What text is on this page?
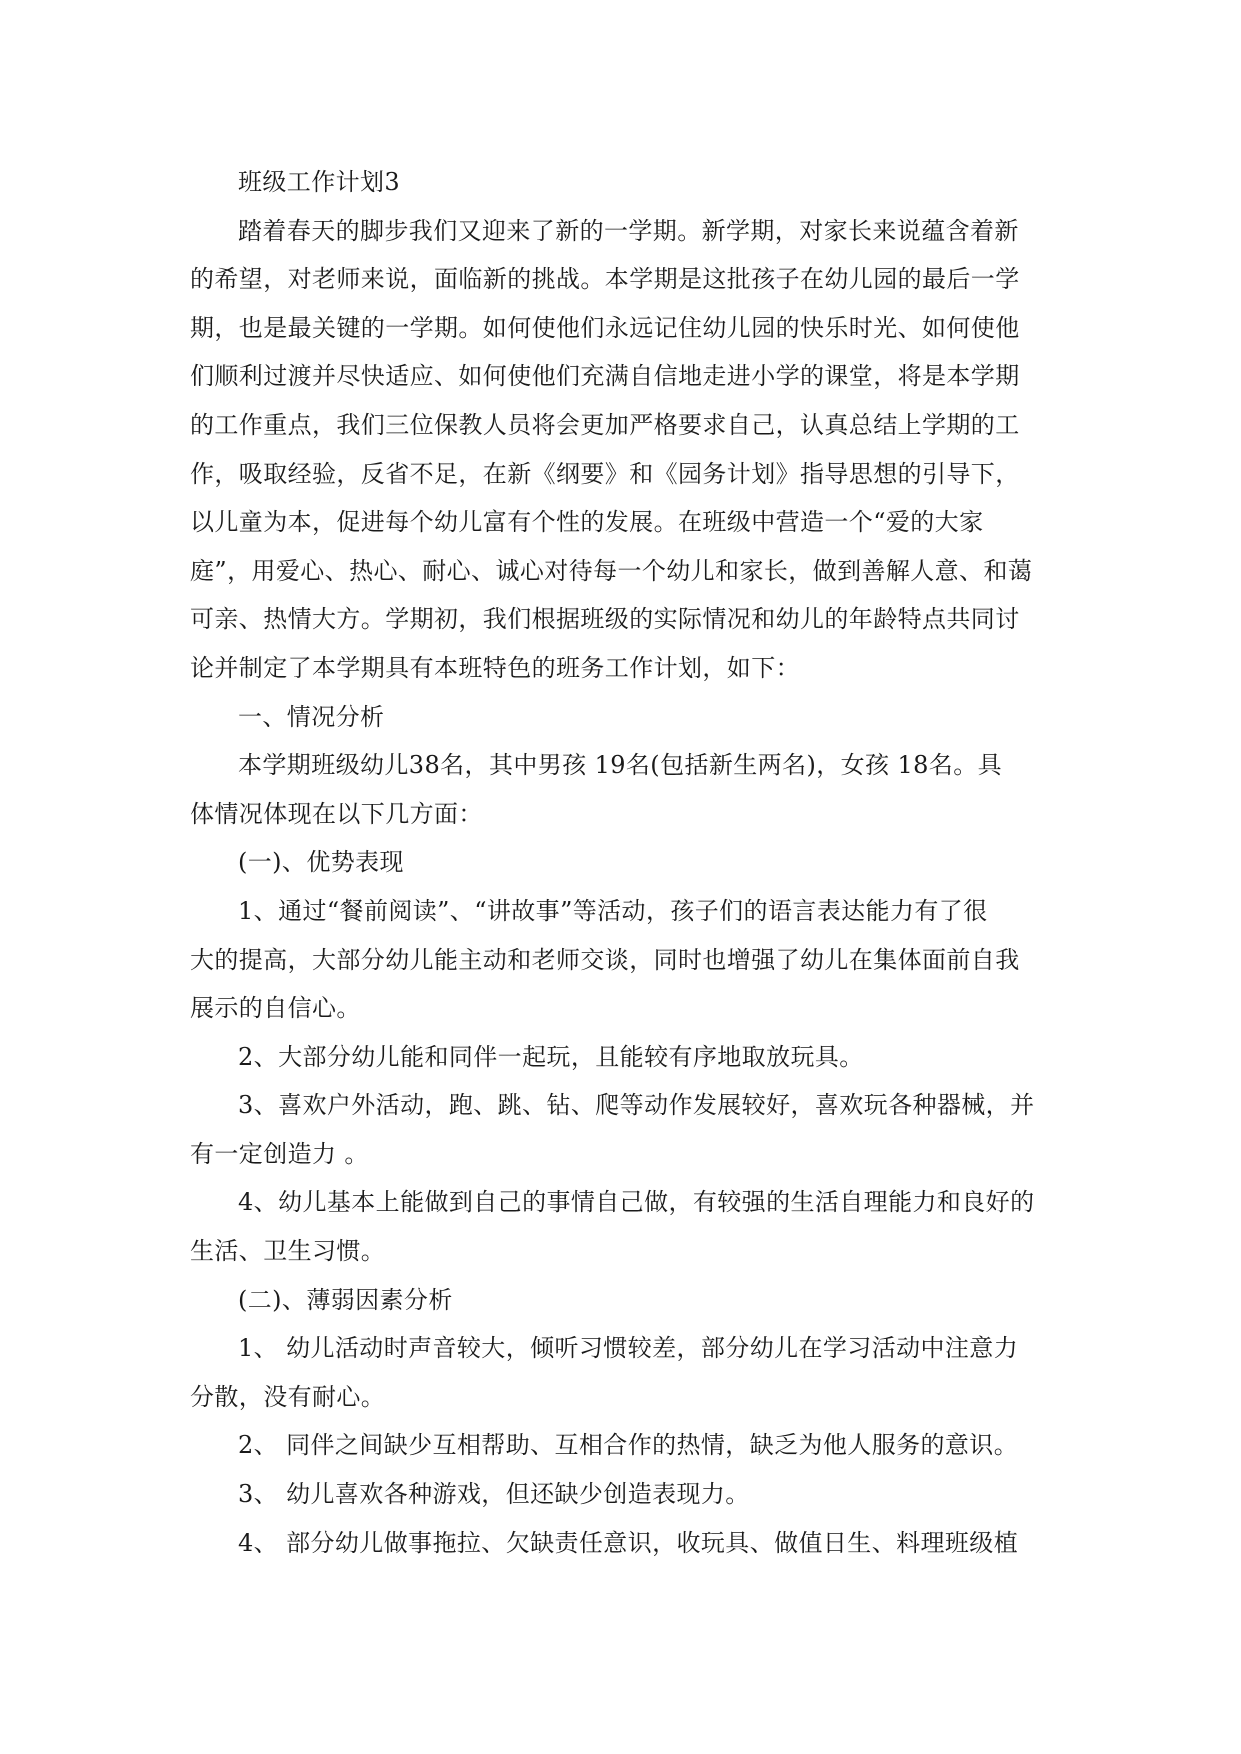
班级工作计划3
踏着春天的脚步我们又迎来了新的一学期。新学期，对家长来说蕴含着新
的希望，对老师来说，面临新的挑战。本学期是这批孩子在幼儿园的最后一学
期，也是最关键的一学期。如何使他们永远记住幼儿园的快乐时光、如何使他
们顺利过渡并尽快适应、如何使他们充满自信地走进小学的课堂，将是本学期
的工作重点，我们三位保教人员将会更加严格要求自己，认真总结上学期的工
作，吸取经验，反省不足，在新《纲要》和《园务计划》指导思想的引导下，
以儿童为本，促进每个幼儿富有个性的发展。在班级中营造一个“爱的大家
庭”，用爱心、热心、耐心、诚心对待每一个幼儿和家长，做到善解人意、和蔼
可亲、热情大方。学期初，我们根据班级的实际情况和幼儿的年龄特点共同讨
论并制定了本学期具有本班特色的班务工作计划，如下：
一、情况分析
本学期班级幼儿38名，其中男孩 19名(包括新生两名)，女孩 18名。具
体情况体现在以下几方面：
(一)、优势表现
1、通过“餐前阅读”、“讲故事”等活动，孩子们的语言表达能力有了很
大的提高，大部分幼儿能主动和老师交谈，同时也增强了幼儿在集体面前自我
展示的自信心。
2、大部分幼儿能和同伴一起玩，且能较有序地取放玩具。
3、喜欢户外活动，跑、跳、钻、爬等动作发展较好，喜欢玩各种器械，并
有一定创造力 。
4、幼儿基本上能做到自己的事情自己做，有较强的生活自理能力和良好的
生活、卫生习惯。
(二)、薄弱因素分析
1、 幼儿活动时声音较大，倾听习惯较差，部分幼儿在学习活动中注意力
分散，没有耐心。
2、 同伴之间缺少互相帮助、互相合作的热情，缺乏为他人服务的意识。
3、 幼儿喜欢各种游戏，但还缺少创造表现力。
4、 部分幼儿做事拖拉、欠缺责任意识，收玩具、做值日生、料理班级植
